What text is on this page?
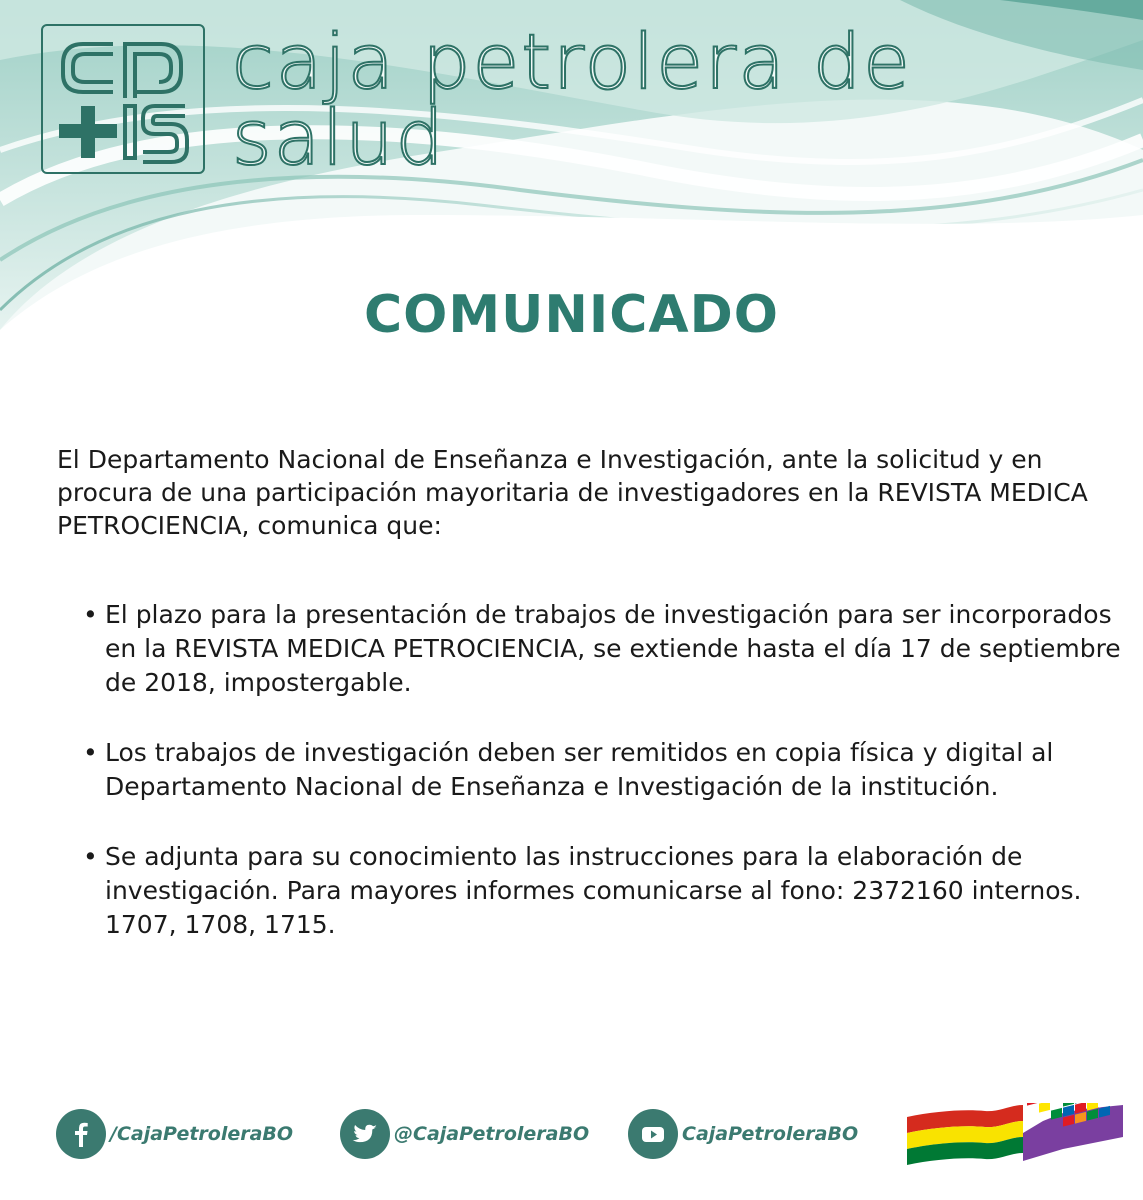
cp+ls caja petrolera de salud
COMUNICADO
El Departamento Nacional de Enseñanza e Investigación, ante la solicitud y en procura de una participación mayoritaria de investigadores en la REVISTA MEDICA PETROCIENCIA, comunica que:
• El plazo para la presentación de trabajos de investigación para ser incorporados en la REVISTA MEDICA PETROCIENCIA, se extiende hasta el día 17 de septiembre de 2018, impostergable.
• Los trabajos de investigación deben ser remitidos en copia física y digital al Departamento Nacional de Enseñanza e Investigación de la institución.
• Se adjunta para su conocimiento las instrucciones para la elaboración de investigación. Para mayores informes comunicarse al fono: 2372160 internos. 1707, 1708, 1715.
/CajaPetroleraBO	@CajaPetroleraBO	CajaPetroleraBO
